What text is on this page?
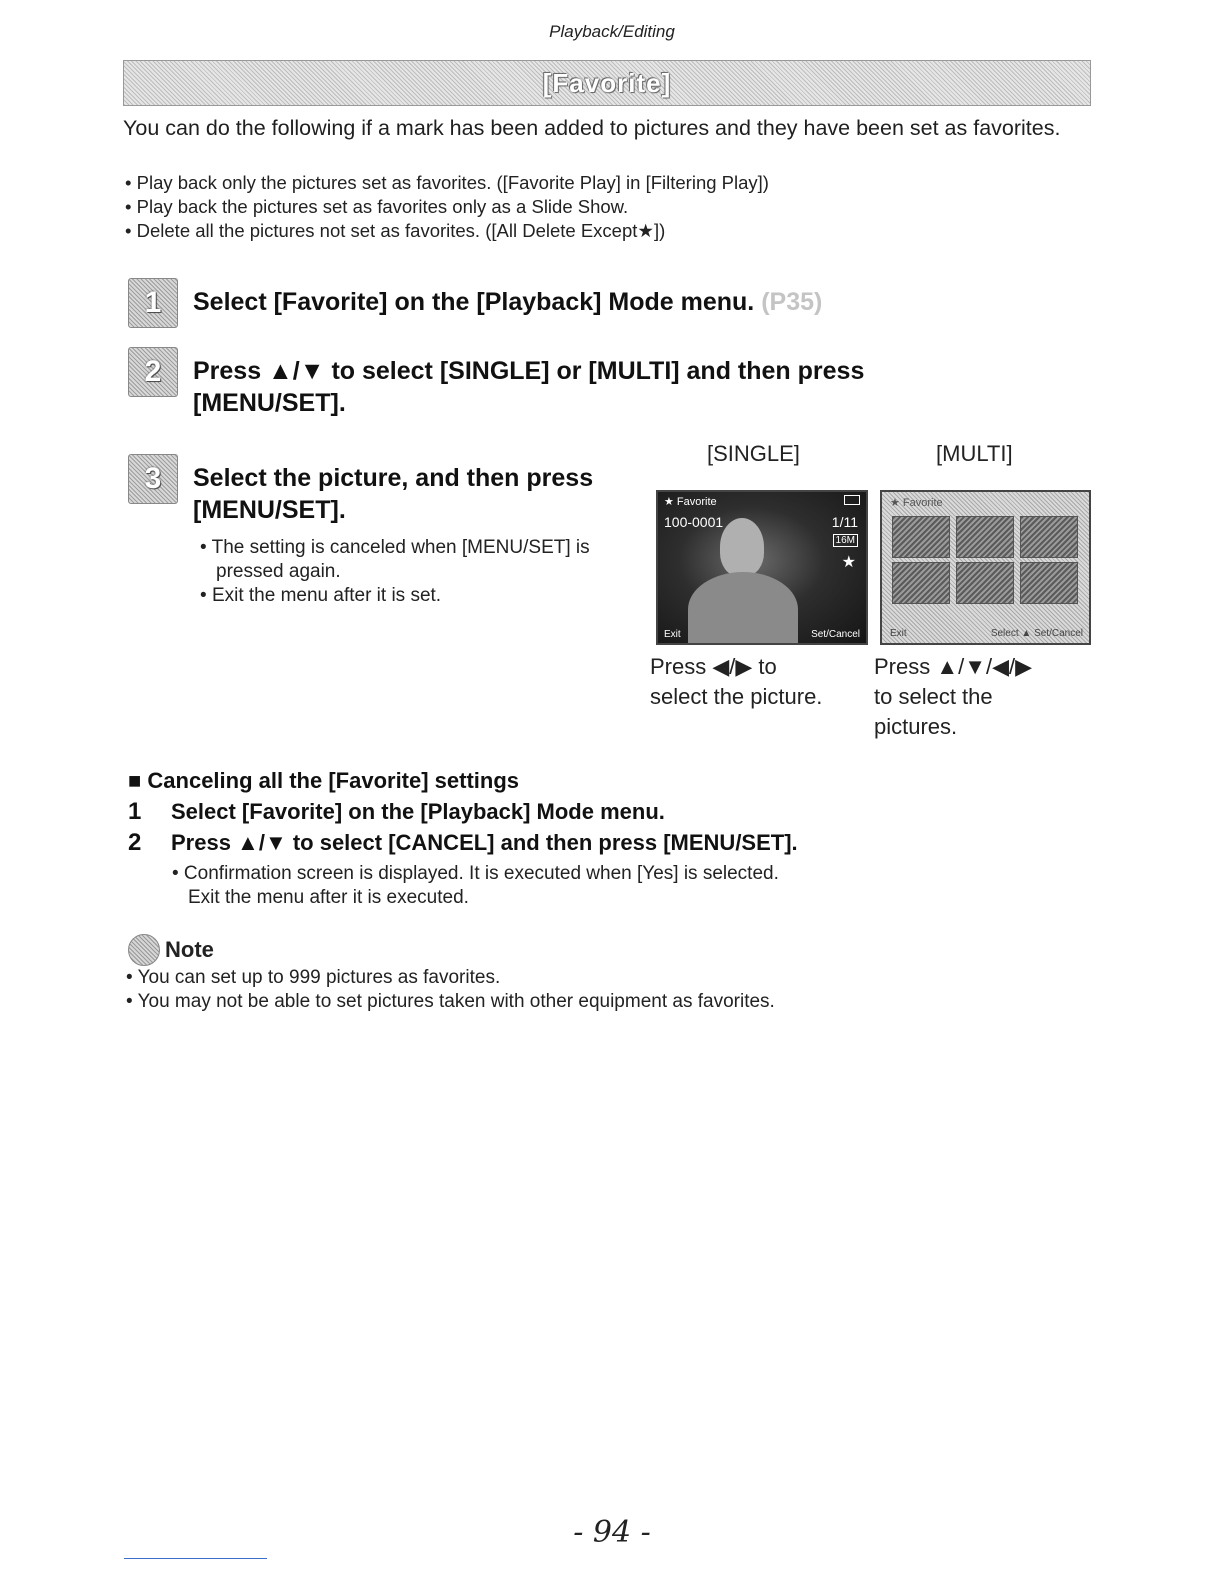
Playback/Editing
[Favorite]
You can do the following if a mark has been added to pictures and they have been set as favorites.
• Play back only the pictures set as favorites. ([Favorite Play] in [Filtering Play])
• Play back the pictures set as favorites only as a Slide Show.
• Delete all the pictures not set as favorites. ([All Delete Except★])
1 Select [Favorite] on the [Playback] Mode menu. (P35)
2 Press ▲/▼ to select [SINGLE] or [MULTI] and then press [MENU/SET].
3 Select the picture, and then press [MENU/SET].
• The setting is canceled when [MENU/SET] is pressed again.
• Exit the menu after it is set.
[SINGLE]	[MULTI]
★ Favorite
100-0001	1/11
16M
★
Exit	Set/Cancel
★ Favorite
Exit	Select ▲ Set/Cancel
Press ◀/▶ to
select the picture.
Press ▲/▼/◀/▶
to select the
pictures.
■ Canceling all the [Favorite] settings
1 Select [Favorite] on the [Playback] Mode menu.
2 Press ▲/▼ to select [CANCEL] and then press [MENU/SET].
• Confirmation screen is displayed. It is executed when [Yes] is selected.
Exit the menu after it is executed.
Note
• You can set up to 999 pictures as favorites.
• You may not be able to set pictures taken with other equipment as favorites.
- 94 -
